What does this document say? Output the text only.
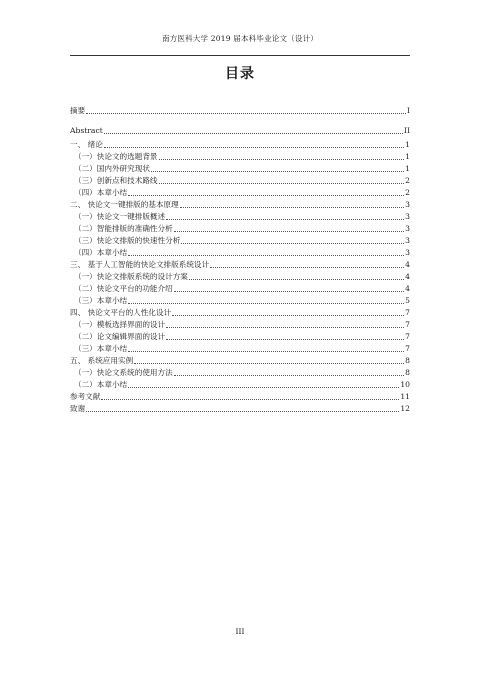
南方医科大学 2019 届本科毕业论文（设计）
目录
摘要	I
Abstract	II
一、 绪论	1
（一）快论文的选题背景	1
（二）国内外研究现状	1
（三）创新点和技术路线	2
（四）本章小结	2
二、 快论文一键排版的基本原理	3
（一）快论文一键排版概述	3
（二）智能排版的准确性分析	3
（三）快论文排版的快速性分析	3
（四）本章小结	3
三、 基于人工智能的快论文排版系统设计	4
（一）快论文排版系统的设计方案	4
（二）快论文平台的功能介绍	4
（三）本章小结	5
四、 快论文平台的人性化设计	7
（一）模板选择界面的设计	7
（二）论文编辑界面的设计	7
（三）本章小结	7
五、 系统应用实例	8
（一）快论文系统的使用方法	8
（二）本章小结	10
参考文献	11
致谢	12
III
